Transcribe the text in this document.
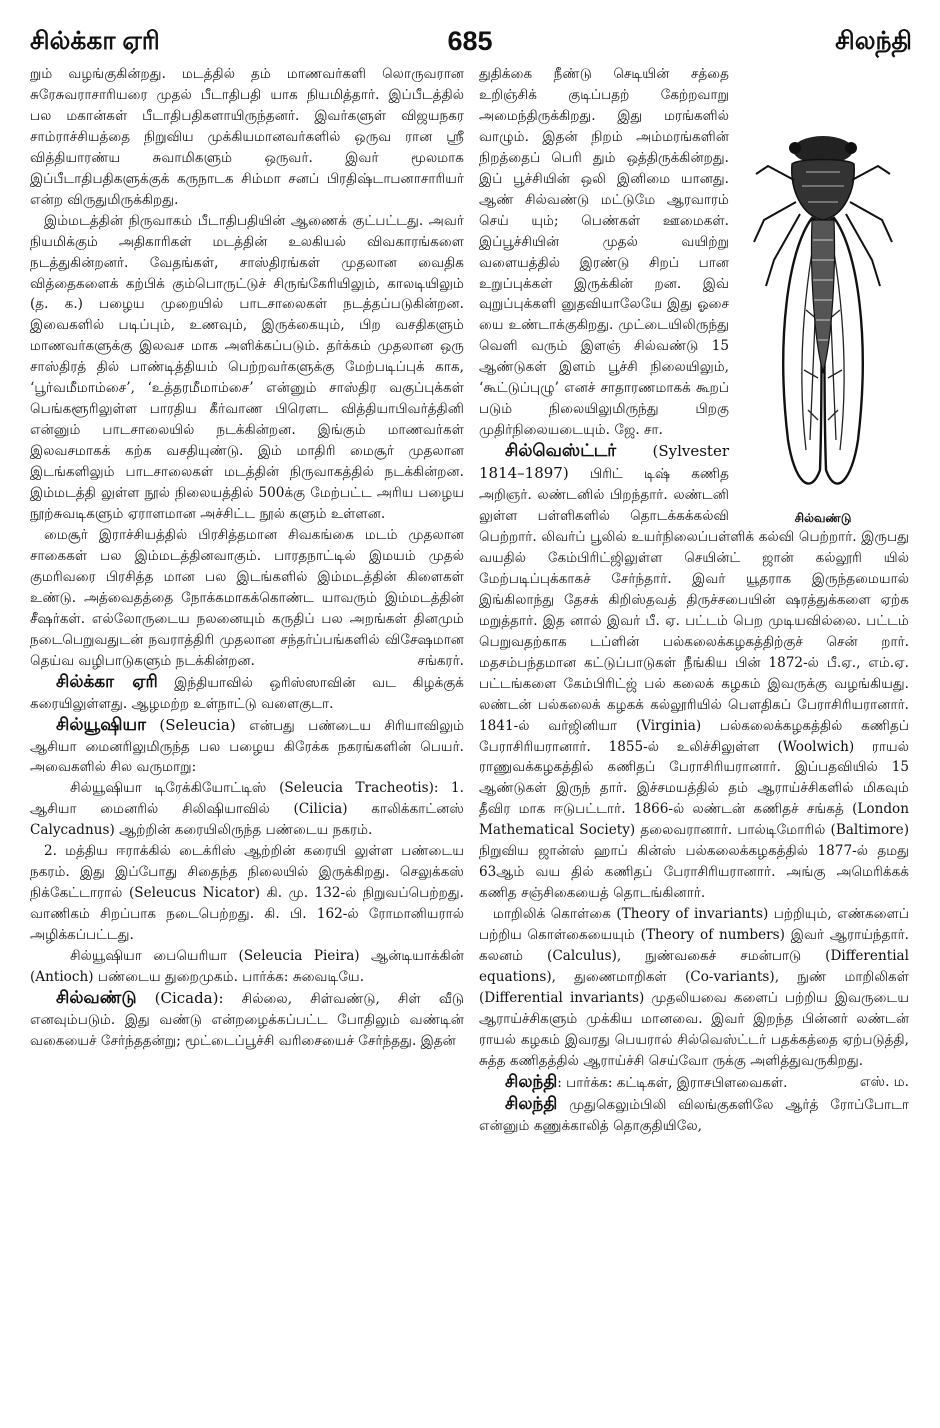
சில்க்கா ஏரி	685	சிலந்தி

றும் வழங்குகின்றது. மடத்தில் தம் மாணவர்களி லொருவரான சுரேசுவராசாரியரை முதல் பீடாதிபதி யாக நியமித்தார். இப்பீடத்தில் பல மகான்கள் பீடாதிபதிகளாயிருந்தனர். இவர்களுள் விஜயநகர சாம்ராச்சியத்தை நிறுவிய முக்கியமானவர்களில் ஒருவ ரான ஸ்ரீ வித்தியாரண்ய சுவாமிகளும் ஒருவர். இவர் மூலமாக இப்பீடாதிபதிகளுக்குக் கருநாடக சிம்மா சனப் பிரதிஷ்டாபனாசாரியர் என்ற விருதுமிருக்கிறது.

இம்மடத்தின் நிருவாகம் பீடாதிபதியின் ஆணைக் குட்பட்டது. அவர் நியமிக்கும் அதிகாரிகள் மடத்தின் உலகியல் விவகாரங்களை நடத்துகின்றனர். வேதங்கள், சாஸ்திரங்கள் முதலான வைதிக வித்தைகளைக் கற்பிக் கும்பொருட்டுச் சிருங்கேரியிலும், காலடியிலும் (த. க.) பழைய முறையில் பாடசாலைகள் நடத்தப்படுகின்றன. இவைகளில் படிப்பும், உணவும், இருக்கையும், பிற வசதிகளும் மாணவர்களுக்கு இலவச மாக அளிக்கப்படும். தர்க்கம் முதலான ஒரு சாஸ்திரத் தில் பாண்டித்தியம் பெற்றவர்களுக்கு மேற்படிப்புக் காக, ‘பூர்வமீமாம்சை’, ‘உத்தரமீமாம்சை’ என்னும் சாஸ்திர வகுப்புக்கள் பெங்களூரிலுள்ள பாரதிய கீர்வாண பிரௌட வித்தியாபிவர்த்தினி என்னும் பாடசாலையில் நடக்கின்றன. இங்கும் மாணவர்கள் இலவசமாகக் கற்க வசதியுண்டு. இம் மாதிரி மைசூர் முதலான இடங்களிலும் பாடசாலைகள் மடத்தின் நிருவாகத்தில் நடக்கின்றன. இம்மடத்தி லுள்ள நூல் நிலையத்தில் 500க்கு மேற்பட்ட அரிய பழைய நூற்சுவடிகளும் ஏராளமான அச்சிட்ட நூல் களும் உள்ளன.

மைசூர் இராச்சியத்தில் பிரசித்தமான சிவகங்கை மடம் முதலான சாகைகள் பல இம்மடத்தினவாகும். பாரதநாட்டில் இமயம் முதல் குமரிவரை பிரசித்த மான பல இடங்களில் இம்மடத்தின் கிளைகள் உண்டு. அத்வைதத்தை நோக்கமாகக்கொண்ட யாவரும் இம்மடத்தின் சீஷர்கள். எல்லோருடைய நலனையும் கருதிப் பல அறங்கள் தினமும் நடைபெறுவதுடன் நவராத்திரி முதலான சந்தர்ப்பங்களில் விசேஷமான தெய்வ வழிபாடுகளும் நடக்கின்றன.	சங்கரர்.

சில்க்கா ஏரி இந்தியாவில் ஒரிஸ்ஸாவின் வட கிழக்குக் கரையிலுள்ளது. ஆழமற்ற உள்நாட்டு வளைகுடா.

சில்யூஷியா (Seleucia) என்பது பண்டைய சிரியாவிலும் ஆசியா மைனரிலுமிருந்த பல பழைய கிரேக்க நகரங்களின் பெயர். அவைகளில் சில வருமாறு:

சில்யூஷியா டிரேக்கியோட்டிஸ் (Seleucia Tracheotis): 1. ஆசியா மைனரில் சிலிஷியாவில் (Cilicia) காலிக்காட்னஸ் Calycadnus) ஆற்றின் கரையிலிருந்த பண்டைய நகரம்.

2. மத்திய ஈராக்கில் டைக்ரிஸ் ஆற்றின் கரையி லுள்ள பண்டைய நகரம். இது இப்போது சிதைந்த நிலையில் இருக்கிறது. செலுக்கஸ் நிக்கேட்டாரால் (Seleucus Nicator) கி. மு. 132-ல் நிறுவப்பெற்றது. வாணிகம் சிறப்பாக நடைபெற்றது. கி. பி. 162-ல் ரோமானியரால் அழிக்கப்பட்டது.

சில்யூஷியா பையெரியா (Seleucia Pieira) ஆன்டியாக்கின் (Antioch) பண்டைய துறைமுகம். பார்க்க: சுவைடியே.

சில்வண்டு (Cicada): சில்லை, சிள்வண்டு, சிள் வீடு எனவும்படும். இது வண்டு என்றழைக்கப்பட்ட போதிலும் வண்டின் வகையைச் சேர்ந்ததன்று; மூட்டைப்பூச்சி வரிசையைச் சேர்ந்தது. இதன்

சில்வண்டு

துதிக்கை நீண்டு செடியின் சத்தை உறிஞ்சிக் குடிப்பதற் கேற்றவாறு அமைந்திருக்கிறது. இது மரங்களில் வாழும். இதன் நிறம் அம்மரங்களின் நிறத்தைப் பெரி தும் ஒத்திருக்கின்றது. இப் பூச்சியின் ஒலி இனிமை யானது. ஆண் சில்வண்டு மட்டுமே ஆரவாரம் செய் யும்; பெண்கள் ஊமைகள். இப்பூச்சியின் முதல் வயிற்று வளையத்தில் இரண்டு சிறப் பான உறுப்புக்கள் இருக்கின் றன. இவ் வுறுப்புக்களி னுதவியாலேயே இது ஓசை யை உண்டாக்குகிறது. முட்டையிலிருந்து வெளி வரும் இளஞ் சில்வண்டு 15 ஆண்டுகள் இளம் பூச்சி நிலையிலும், ‘கூட்டுப்புழு’ எனச் சாதாரணமாகக் கூறப் படும் நிலையிலுமிருந்து பிறகு முதிர்நிலையடையும். ஜே. சா.

சில்வெஸ்ட்டர் (Sylvester 1814–1897) பிரிட் டிஷ் கணித அறிஞர். லண்டனில் பிறந்தார். லண்டனி லுள்ள பள்ளிகளில் தொடக்கக்கல்வி பெற்றார். லிவர்ப் பூலில் உயர்நிலைப்பள்ளிக் கல்வி பெற்றார். இருபது வயதில் கேம்பிரிட்ஜிலுள்ள செயின்ட் ஜான் கல்லூரி யில் மேற்படிப்புக்காகச் சேர்ந்தார். இவர் யூதராக இருந்தமையால் இங்கிலாந்து தேசக் கிறிஸ்தவத் திருச்சபையின் ஷரத்துக்களை ஏற்க மறுத்தார். இத னால் இவர் பீ. ஏ. பட்டம் பெற முடியவில்லை. பட்டம் பெறுவதற்காக டப்ளின் பல்கலைக்கழகத்திற்குச் சென் றார். மதசம்பந்தமான கட்டுப்பாடுகள் நீங்கிய பின் 1872-ல் பீ.ஏ., எம்.ஏ. பட்டங்களை கேம்பிரிட்ஜ் பல் கலைக் கழகம் இவருக்கு வழங்கியது. லண்டன் பல்கலைக் கழகக் கல்லூரியில் பௌதிகப் பேராசிரியரானார். 1841-ல் வர்ஜினியா (Virginia) பல்கலைக்கழகத்தில் கணிதப் பேராசிரியரானார். 1855-ல் உலிச்சிலுள்ள (Woolwich) ராயல் ராணுவக்கழகத்தில் கணிதப் பேராசிரியரானார். இப்பதவியில் 15 ஆண்டுகள் இருந் தார். இச்சமயத்தில் தம் ஆராய்ச்சிகளில் மிகவும் தீவிர மாக ஈடுபட்டார். 1866-ல் லண்டன் கணிதச் சங்கத் (London Mathematical Society) தலைவரானார். பால்டிமோரில் (Baltimore) நிறுவிய ஜான்ஸ் ஹாப் கின்ஸ் பல்கலைக்கழகத்தில் 1877-ல் தமது 63ஆம் வய தில் கணிதப் பேராசிரியரானார். அங்கு அமெரிக்கக் கணித சஞ்சிகையைத் தொடங்கினார்.

மாறிலிக் கொள்கை (Theory of invariants) பற்றியும், எண்களைப் பற்றிய கொள்கையையும் (Theory of numbers) இவர் ஆராய்ந்தார். கலனம் (Calculus), நுண்வகைச் சமன்பாடு (Differential equations), துணைமாறிகள் (Co-variants), நுண் மாறிலிகள் (Differential invariants) முதலியவை களைப் பற்றிய இவருடைய ஆராய்ச்சிகளும் முக்கிய மானவை. இவர் இறந்த பின்னர் லண்டன் ராயல் கழகம் இவரது பெயரால் சில்வெஸ்ட்டர் பதக்கத்தை ஏற்படுத்தி, சுத்த கணிதத்தில் ஆராய்ச்சி செய்வோ ருக்கு அளித்துவருகிறது.
எஸ். ம.

சிலந்தி: பார்க்க: கட்டிகள், இராசபிளவைகள்.

சிலந்தி முதுகெலும்பிலி விலங்குகளிலே ஆர்த் ரோப்போடா என்னும் கணுக்காலித் தொகுதியிலே,
